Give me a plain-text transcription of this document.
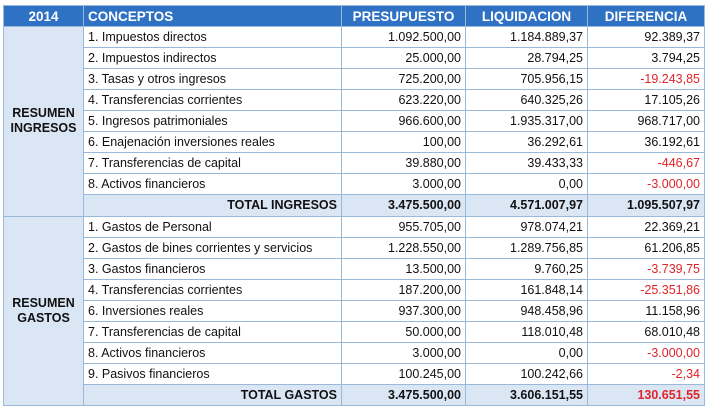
2014	CONCEPTOS	PRESUPUESTO	LIQUIDACION	DIFERENCIA
RESUMEN
INGRESOS	1. Impuestos directos	1.092.500,00	1.184.889,37	92.389,37
	2. Impuestos indirectos	25.000,00	28.794,25	3.794,25
	3. Tasas y otros ingresos	725.200,00	705.956,15	-19.243,85
	4. Transferencias corrientes	623.220,00	640.325,26	17.105,26
	5. Ingresos patrimoniales	966.600,00	1.935.317,00	968.717,00
	6. Enajenación inversiones reales	100,00	36.292,61	36.192,61
	7. Transferencias de capital	39.880,00	39.433,33	-446,67
	8. Activos financieros	3.000,00	0,00	-3.000,00
	TOTAL INGRESOS	3.475.500,00	4.571.007,97	1.095.507,97
RESUMEN
GASTOS	1. Gastos de Personal	955.705,00	978.074,21	22.369,21
	2. Gastos de bines corrientes y servicios	1.228.550,00	1.289.756,85	61.206,85
	3. Gastos financieros	13.500,00	9.760,25	-3.739,75
	4. Transferencias corrientes	187.200,00	161.848,14	-25.351,86
	6. Inversiones reales	937.300,00	948.458,96	11.158,96
	7. Transferencias de capital	50.000,00	118.010,48	68.010,48
	8. Activos financieros	3.000,00	0,00	-3.000,00
	9. Pasivos financieros	100.245,00	100.242,66	-2,34
	TOTAL GASTOS	3.475.500,00	3.606.151,55	130.651,55
